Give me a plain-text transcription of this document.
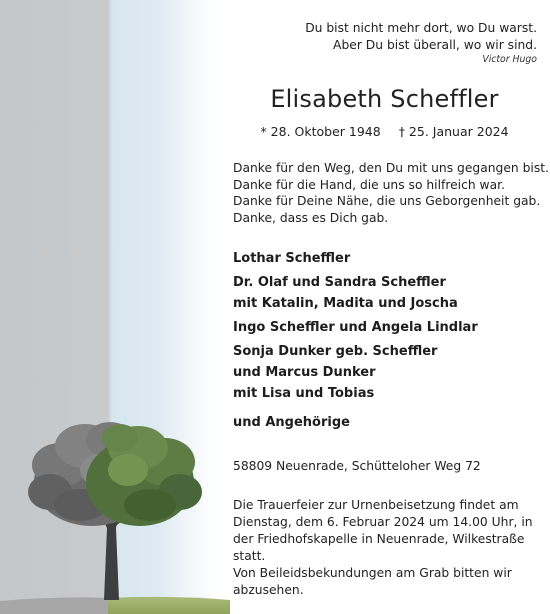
Du bist nicht mehr dort, wo Du warst.
Aber Du bist überall, wo wir sind.
Victor Hugo
Elisabeth Scheffler
* 28. Oktober 1948 † 25. Januar 2024
Danke für den Weg, den Du mit uns gegangen bist.
Danke für die Hand, die uns so hilfreich war.
Danke für Deine Nähe, die uns Geborgenheit gab.
Danke, dass es Dich gab.
Lothar Scheffler
Dr. Olaf und Sandra Scheffler
mit Katalin, Madita und Joscha
Ingo Scheffler und Angela Lindlar
Sonja Dunker geb. Scheffler
und Marcus Dunker
mit Lisa und Tobias
und Angehörige
58809 Neuenrade, Schütteloher Weg 72
Die Trauerfeier zur Urnenbeisetzung findet am
Dienstag, dem 6. Februar 2024 um 14.00 Uhr, in
der Friedhofskapelle in Neuenrade, Wilkestraße
statt.
Von Beileidsbekundungen am Grab bitten wir
abzusehen.
